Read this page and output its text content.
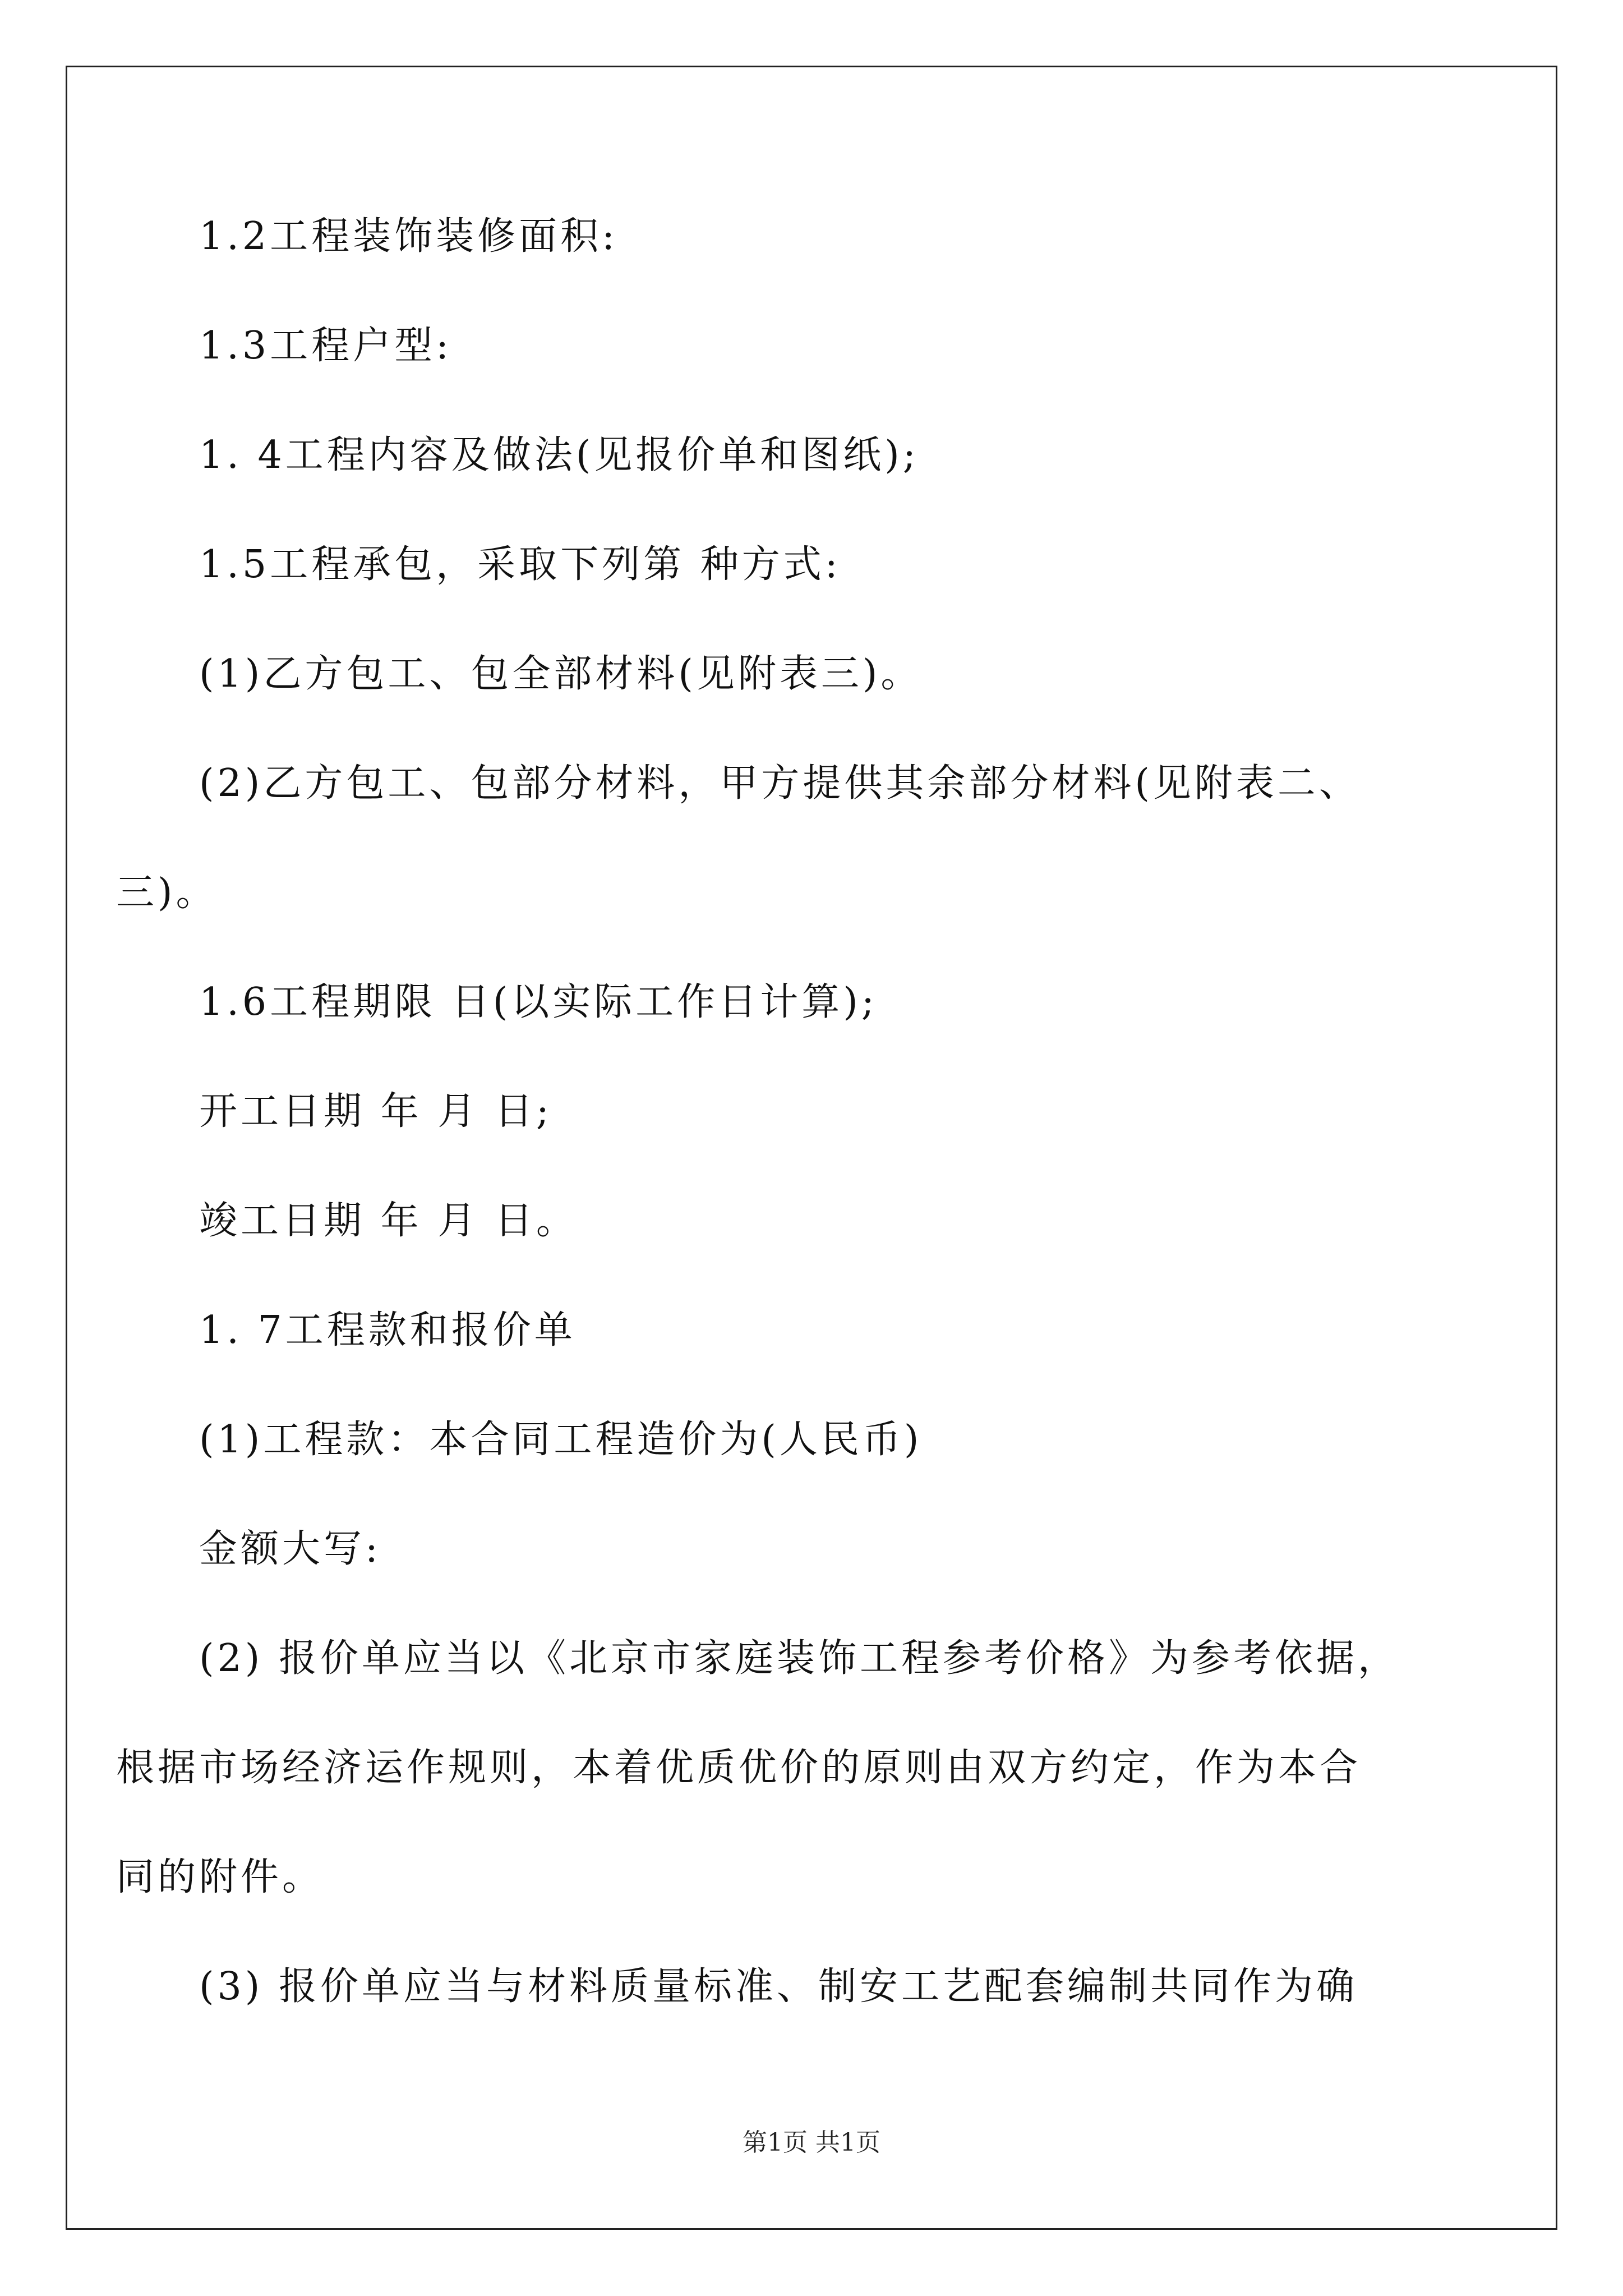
1.2工程装饰装修面积:
1.3工程户型:
1. 4工程内容及做法(见报价单和图纸);
1.5工程承包，采取下列第 种方式:
(1)乙方包工、包全部材料(见附表三)。
(2)乙方包工、包部分材料，甲方提供其余部分材料(见附表二、
三)。
1.6工程期限 日(以实际工作日计算);
开工日期 年 月 日;
竣工日期 年 月 日。
1. 7工程款和报价单
(1)工程款：本合同工程造价为(人民币)
金额大写:
(2) 报价单应当以《北京市家庭装饰工程参考价格》为参考依据，
根据市场经济运作规则，本着优质优价的原则由双方约定，作为本合
同的附件。
(3) 报价单应当与材料质量标准、制安工艺配套编制共同作为确
第1页 共1页
